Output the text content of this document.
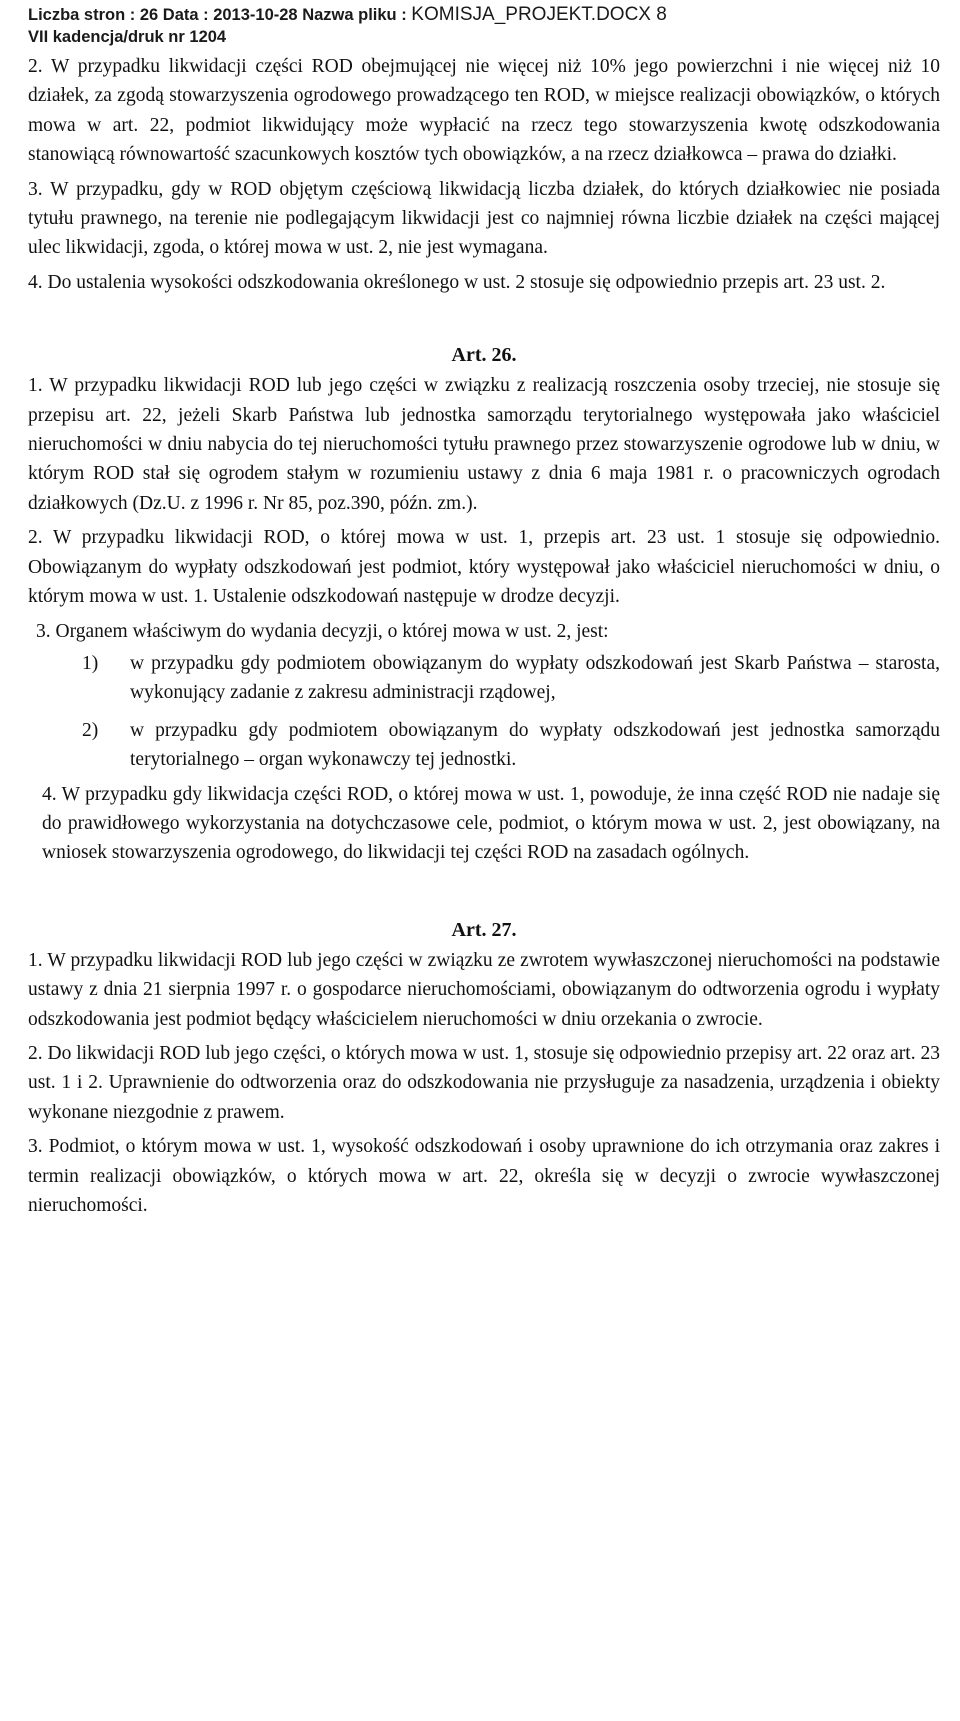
Liczba stron : 26 Data : 2013-10-28 Nazwa pliku : KOMISJA_PROJEKT.DOCX 8
VII kadencja/druk nr 1204

2. W przypadku likwidacji części ROD obejmującej nie więcej niż 10% jego powierzchni i nie więcej niż 10 działek, za zgodą stowarzyszenia ogrodowego prowadzącego ten ROD, w miejsce realizacji obowiązków, o których mowa w art. 22, podmiot likwidujący może wypłacić na rzecz tego stowarzyszenia kwotę odszkodowania stanowiącą równowartość szacunkowych kosztów tych obowiązków, a na rzecz działkowca – prawa do działki.

3. W przypadku, gdy w ROD objętym częściową likwidacją liczba działek, do których działkowiec nie posiada tytułu prawnego, na terenie nie podlegającym likwidacji jest co najmniej równa liczbie działek na części mającej ulec likwidacji, zgoda, o której mowa w ust. 2, nie jest wymagana.

4. Do ustalenia wysokości odszkodowania określonego w ust. 2 stosuje się odpowiednio przepis art. 23 ust. 2.

Art. 26.

1. W przypadku likwidacji ROD lub jego części w związku z realizacją roszczenia osoby trzeciej, nie stosuje się przepisu art. 22, jeżeli Skarb Państwa lub jednostka samorządu terytorialnego występowała jako właściciel nieruchomości w dniu nabycia do tej nieruchomości tytułu prawnego przez stowarzyszenie ogrodowe lub w dniu, w którym ROD stał się ogrodem stałym w rozumieniu ustawy z dnia 6 maja 1981 r. o pracowniczych ogrodach działkowych (Dz.U. z 1996 r. Nr 85, poz.390, późn. zm.).

2. W przypadku likwidacji ROD, o której mowa w ust. 1, przepis art. 23 ust. 1 stosuje się odpowiednio. Obowiązanym do wypłaty odszkodowań jest podmiot, który występował jako właściciel nieruchomości w dniu, o którym mowa w ust. 1. Ustalenie odszkodowań następuje w drodze decyzji.

3. Organem właściwym do wydania decyzji, o której mowa w ust. 2, jest:

1)	w przypadku gdy podmiotem obowiązanym do wypłaty odszkodowań jest Skarb Państwa – starosta, wykonujący zadanie z zakresu administracji rządowej,

2)	w przypadku gdy podmiotem obowiązanym do wypłaty odszkodowań jest jednostka samorządu terytorialnego – organ wykonawczy tej jednostki.

4. W przypadku gdy likwidacja części ROD, o której mowa w ust. 1, powoduje, że inna część ROD nie nadaje się do prawidłowego wykorzystania na dotychczasowe cele, podmiot, o którym mowa w ust. 2, jest obowiązany, na wniosek stowarzyszenia ogrodowego, do likwidacji tej części ROD na zasadach ogólnych.

Art. 27.

1. W przypadku likwidacji ROD lub jego części w związku ze zwrotem wywłaszczonej nieruchomości na podstawie ustawy z dnia 21 sierpnia 1997 r. o gospodarce nieruchomościami, obowiązanym do odtworzenia ogrodu i wypłaty odszkodowania jest podmiot będący właścicielem nieruchomości w dniu orzekania o zwrocie.

2. Do likwidacji ROD lub jego części, o których mowa w ust. 1, stosuje się odpowiednio przepisy art. 22 oraz art. 23 ust. 1 i 2. Uprawnienie do odtworzenia oraz do odszkodowania nie przysługuje za nasadzenia, urządzenia i obiekty wykonane niezgodnie z prawem.

3. Podmiot, o którym mowa w ust. 1, wysokość odszkodowań i osoby uprawnione do ich otrzymania oraz zakres i termin realizacji obowiązków, o których mowa w art. 22, określa się w decyzji o zwrocie wywłaszczonej nieruchomości.
